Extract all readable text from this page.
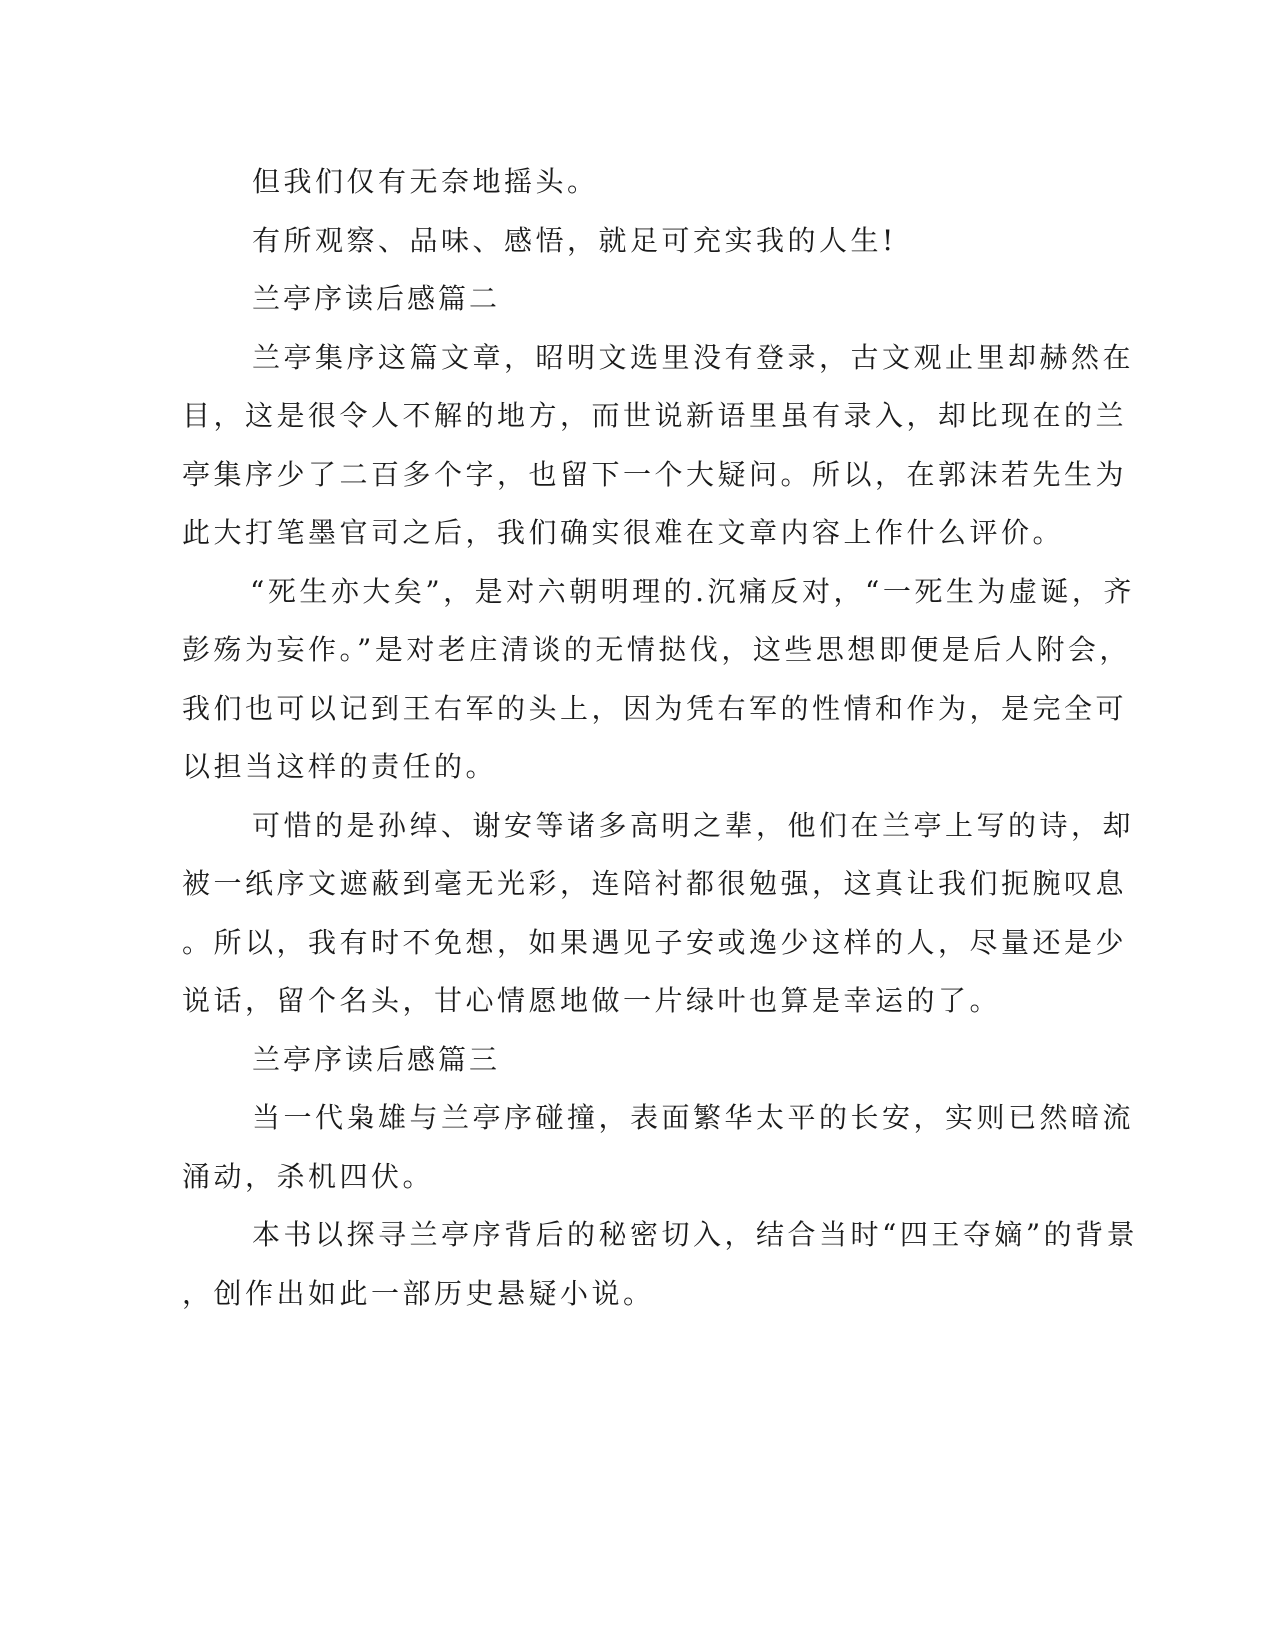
但我们仅有无奈地摇头。

有所观察、品味、感悟，就足可充实我的人生!

兰亭序读后感篇二

兰亭集序这篇文章，昭明文选里没有登录，古文观止里却赫然在

目，这是很令人不解的地方，而世说新语里虽有录入，却比现在的兰

亭集序少了二百多个字，也留下一个大疑问。所以，在郭沫若先生为

此大打笔墨官司之后，我们确实很难在文章内容上作什么评价。

“死生亦大矣”，是对六朝明理的.沉痛反对，“一死生为虚诞，齐

彭殇为妄作。”是对老庄清谈的无情挞伐，这些思想即便是后人附会，

我们也可以记到王右军的头上，因为凭右军的性情和作为，是完全可

以担当这样的责任的。

可惜的是孙绰、谢安等诸多高明之辈，他们在兰亭上写的诗，却

被一纸序文遮蔽到毫无光彩，连陪衬都很勉强，这真让我们扼腕叹息

。所以，我有时不免想，如果遇见子安或逸少这样的人，尽量还是少

说话，留个名头，甘心情愿地做一片绿叶也算是幸运的了。

兰亭序读后感篇三

当一代枭雄与兰亭序碰撞，表面繁华太平的长安，实则已然暗流

涌动，杀机四伏。

本书以探寻兰亭序背后的秘密切入，结合当时“四王夺嫡”的背景

，创作出如此一部历史悬疑小说。
